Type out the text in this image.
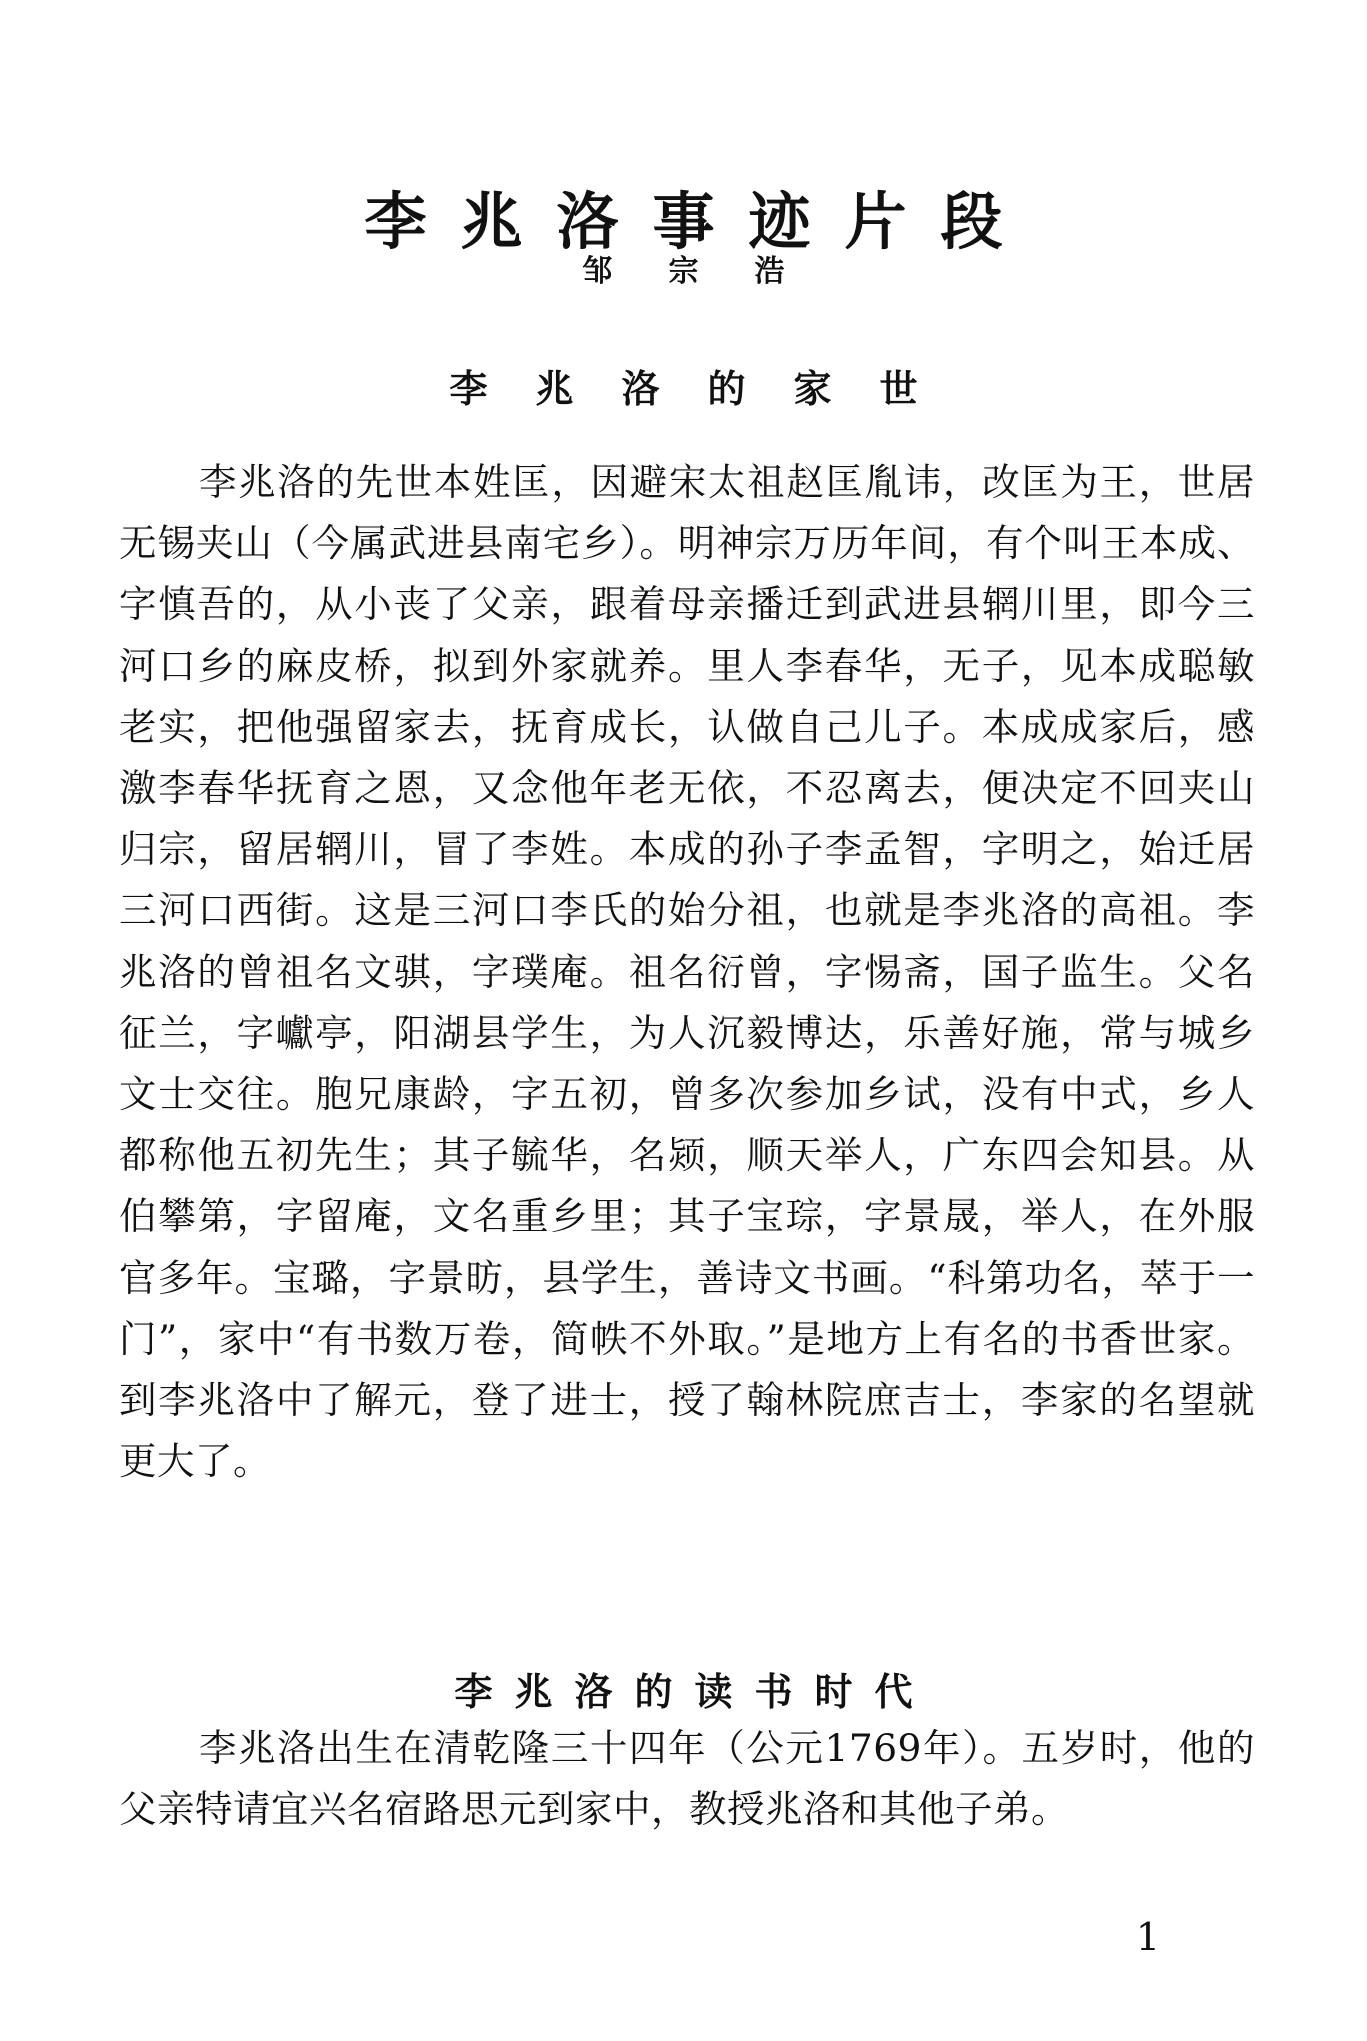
李兆洛事迹片段
邹宗浩
李兆洛的家世

李兆洛的先世本姓匡，因避宋太祖赵匡胤讳，改匡为王，世居无锡夹山（今属武进县南宅乡）。明神宗万历年间，有个叫王本成、字慎吾的，从小丧了父亲，跟着母亲播迁到武进县辋川里，即今三河口乡的麻皮桥，拟到外家就养。里人李春华，无子，见本成聪敏老实，把他强留家去，抚育成长，认做自己儿子。本成成家后，感激李春华抚育之恩，又念他年老无依，不忍离去，便决定不回夹山归宗，留居辋川，冒了李姓。本成的孙子李孟智，字明之，始迁居三河口西街。这是三河口李氏的始分祖，也就是李兆洛的高祖。李兆洛的曾祖名文骐，字璞庵。祖名衍曾，字惕斋，国子监生。父名征兰，字巘亭，阳湖县学生，为人沉毅博达，乐善好施，常与城乡文士交往。胞兄康龄，字五初，曾多次参加乡试，没有中式，乡人都称他五初先生；其子毓华，名颎，顺天举人，广东四会知县。从伯攀第，字留庵，文名重乡里；其子宝琮，字景晟，举人，在外服官多年。宝璐，字景昉，县学生，善诗文书画。“科第功名，萃于一门”，家中“有书数万卷，简帙不外取。”是地方上有名的书香世家。到李兆洛中了解元，登了进士，授了翰林院庶吉士，李家的名望就更大了。

李兆洛的读书时代

李兆洛出生在清乾隆三十四年（公元1769年）。五岁时，他的父亲特请宜兴名宿路思元到家中，教授兆洛和其他子弟。

1
